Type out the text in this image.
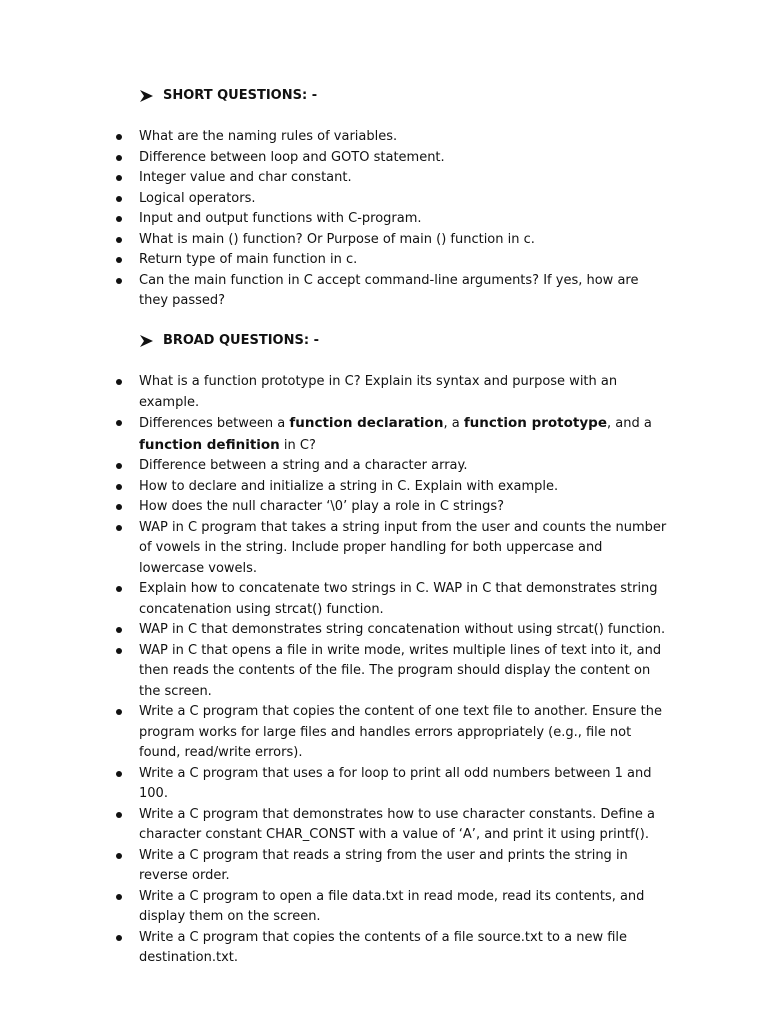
SHORT QUESTIONS: -
What are the naming rules of variables.
Difference between loop and GOTO statement.
Integer value and char constant.
Logical operators.
Input and output functions with C-program.
What is main () function? Or Purpose of main () function in c.
Return type of main function in c.
Can the main function in C accept command-line arguments? If yes, how are they passed?
BROAD QUESTIONS: -
What is a function prototype in C? Explain its syntax and purpose with an example.
Differences between a function declaration, a function prototype, and a function definition in C?
Difference between a string and a character array.
How to declare and initialize a string in C. Explain with example.
How does the null character ‘\0’ play a role in C strings?
WAP in C program that takes a string input from the user and counts the number of vowels in the string. Include proper handling for both uppercase and lowercase vowels.
Explain how to concatenate two strings in C. WAP in C that demonstrates string concatenation using strcat() function.
WAP in C that demonstrates string concatenation without using strcat() function.
WAP in C that opens a file in write mode, writes multiple lines of text into it, and then reads the contents of the file. The program should display the content on the screen.
Write a C program that copies the content of one text file to another. Ensure the program works for large files and handles errors appropriately (e.g., file not found, read/write errors).
Write a C program that uses a for loop to print all odd numbers between 1 and 100.
Write a C program that demonstrates how to use character constants. Define a character constant CHAR_CONST with a value of ‘A’, and print it using printf().
Write a C program that reads a string from the user and prints the string in reverse order.
Write a C program to open a file data.txt in read mode, read its contents, and display them on the screen.
Write a C program that copies the contents of a file source.txt to a new file destination.txt.
